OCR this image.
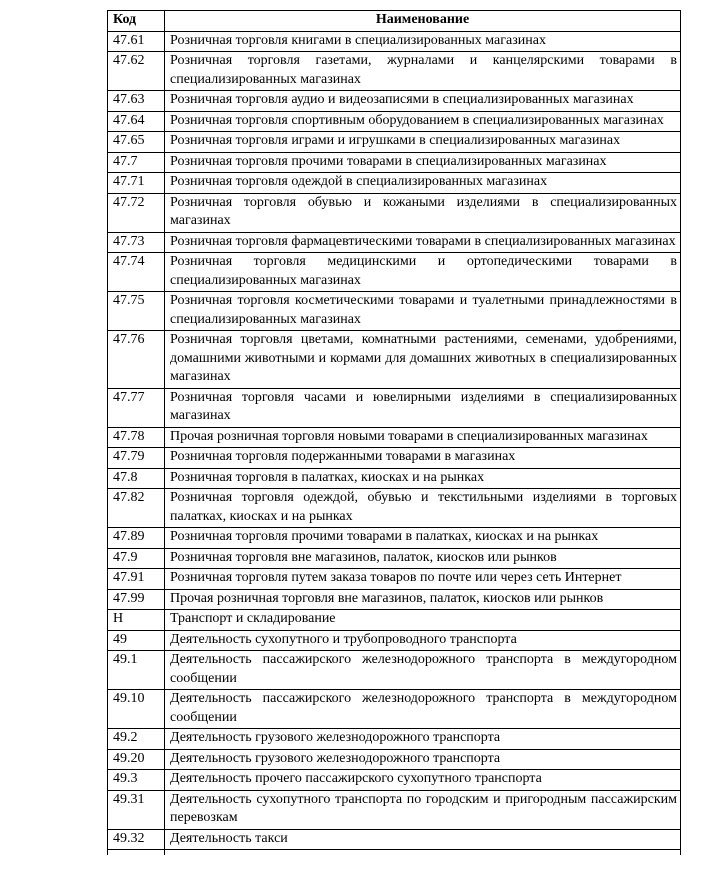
Код	Наименование
47.61	Розничная торговля книгами в специализированных магазинах
47.62	Розничная торговля газетами, журналами и канцелярскими товарами в специализированных магазинах
47.63	Розничная торговля аудио и видеозаписями в специализированных магазинах
47.64	Розничная торговля спортивным оборудованием в специализированных магазинах
47.65	Розничная торговля играми и игрушками в специализированных магазинах
47.7	Розничная торговля прочими товарами в специализированных магазинах
47.71	Розничная торговля одеждой в специализированных магазинах
47.72	Розничная торговля обувью и кожаными изделиями в специализированных магазинах
47.73	Розничная торговля фармацевтическими товарами в специализированных магазинах
47.74	Розничная торговля медицинскими и ортопедическими товарами в специализированных магазинах
47.75	Розничная торговля косметическими товарами и туалетными принадлежностями в специализированных магазинах
47.76	Розничная торговля цветами, комнатными растениями, семенами, удобрениями, домашними животными и кормами для домашних животных в специализированных магазинах
47.77	Розничная торговля часами и ювелирными изделиями в специализированных магазинах
47.78	Прочая розничная торговля новыми товарами в специализированных магазинах
47.79	Розничная торговля подержанными товарами в магазинах
47.8	Розничная торговля в палатках, киосках и на рынках
47.82	Розничная торговля одеждой, обувью и текстильными изделиями в торговых палатках, киосках и на рынках
47.89	Розничная торговля прочими товарами в палатках, киосках и на рынках
47.9	Розничная торговля вне магазинов, палаток, киосков или рынков
47.91	Розничная торговля путем заказа товаров по почте или через сеть Интернет
47.99	Прочая розничная торговля вне магазинов, палаток, киосков или рынков
Н	Транспорт и складирование
49	Деятельность сухопутного и трубопроводного транспорта
49.1	Деятельность пассажирского железнодорожного транспорта в междугородном сообщении
49.10	Деятельность пассажирского железнодорожного транспорта в междугородном сообщении
49.2	Деятельность грузового железнодорожного транспорта
49.20	Деятельность грузового железнодорожного транспорта
49.3	Деятельность прочего пассажирского сухопутного транспорта
49.31	Деятельность сухопутного транспорта по городским и пригородным пассажирским перевозкам
49.32	Деятельность такси
